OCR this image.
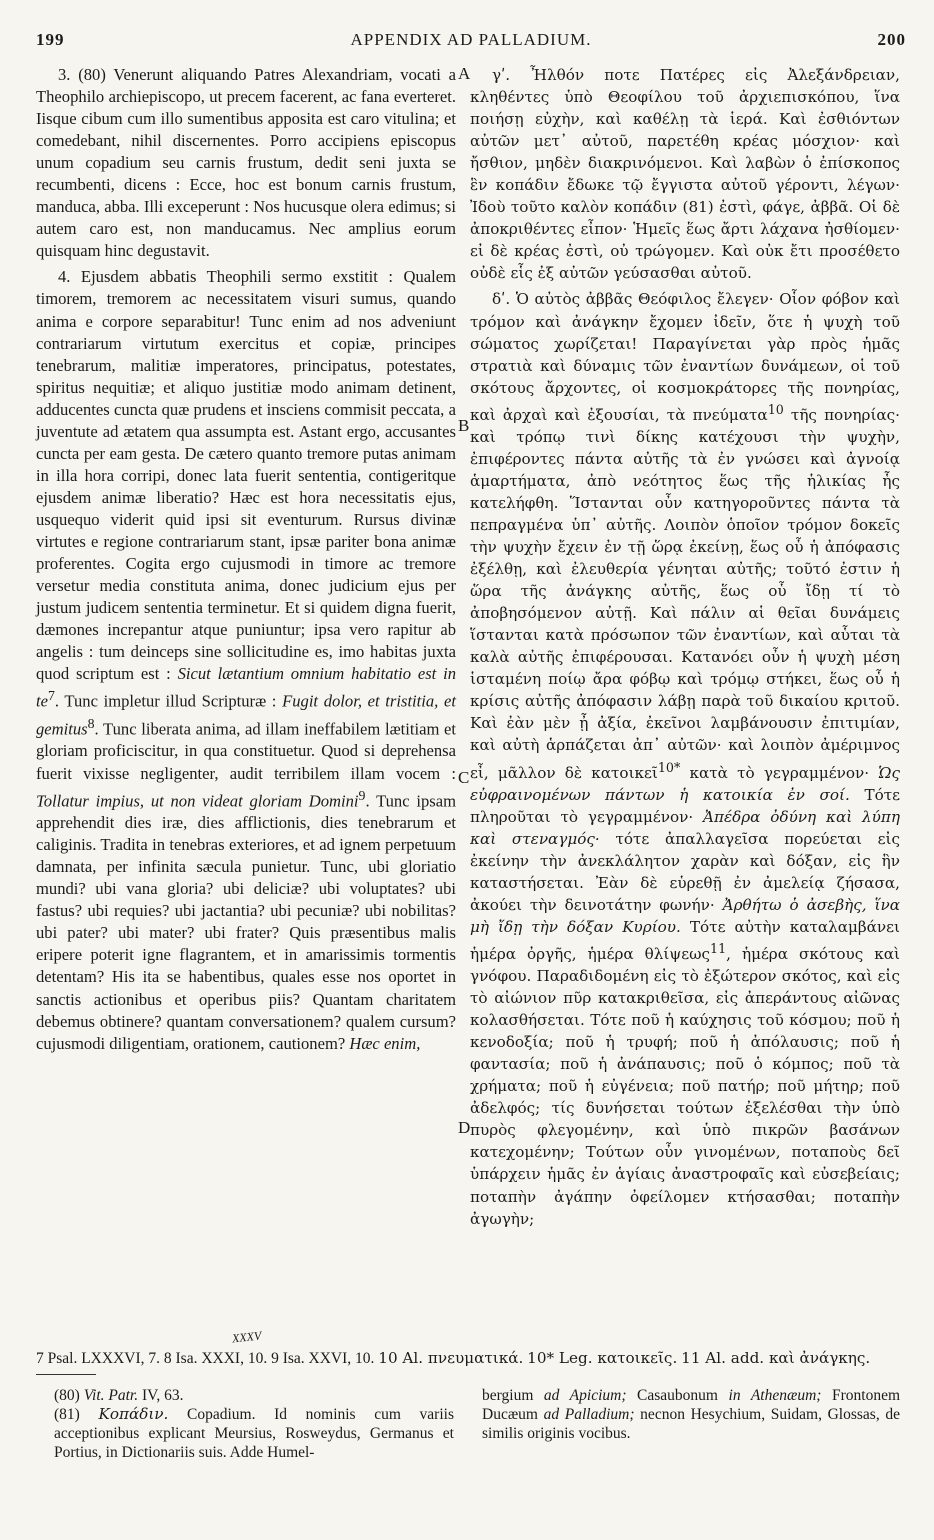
199	APPENDIX AD PALLADIUM.	200

3. (80) Venerunt aliquando Patres Alexandriam, vocati a Theophilo archiepiscopo, ut precem facerent, ac fana everteret. Iisque cibum cum illo sumentibus apposita est caro vitulina; et comedebant, nihil discernentes. Porro accipiens episcopus unum copadium seu carnis frustum, dedit seni juxta se recumbenti, dicens : Ecce, hoc est bonum carnis frustum, manduca, abba. Illi exceperunt : Nos hucusque olera edimus; si autem caro est, non manducamus. Nec amplius eorum quisquam hinc degustavit.

4. Ejusdem abbatis Theophili sermo exstitit : Qualem timorem, tremorem ac necessitatem visuri sumus, quando anima e corpore separabitur! Tunc enim ad nos adveniunt contrariarum virtutum exercitus et copiæ, principes tenebrarum, malitiæ imperatores, principatus, potestates, spiritus nequitiæ; et aliquo justitiæ modo animam detinent, adducentes cuncta quæ prudens et insciens commisit peccata, a juventute ad ætatem qua assumpta est. Astant ergo, accusantes cuncta per eam gesta. De cætero quanto tremore putas animam in illa hora corripi, donec lata fuerit sententia, contigeritque ejusdem animæ liberatio? Hæc est hora necessitatis ejus, usquequo viderit quid ipsi sit eventurum. Rursus divinæ virtutes e regione contrariarum stant, ipsæ pariter bona animæ proferentes. Cogita ergo cujusmodi in timore ac tremore versetur media constituta anima, donec judicium ejus per justum judicem sententia terminetur. Et si quidem digna fuerit, dæmones increpantur atque puniuntur; ipsa vero rapitur ab angelis : tum deinceps sine sollicitudine es, imo habitas juxta quod scriptum est : Sicut lætantium omnium habitatio est in $te^7$. Tunc impletur illud Scripturæ : Fugit dolor, et tristitia, et gemitus$^8$. Tunc liberata anima, ad illam ineffabilem lætitiam et gloriam proficiscitur, in qua constituetur. Quod si deprehensa fuerit vixisse negligenter, audit terribilem illam vocem : Tollatur impius, ut non videat gloriam Domini$^9$. Tunc ipsam apprehendit dies iræ, dies afflictionis, dies tenebrarum et caliginis. Tradita in tenebras exteriores, et ad ignem perpetuum damnata, per infinita sæcula punietur. Tunc, ubi gloriatio mundi? ubi vana gloria? ubi deliciæ? ubi voluptates? ubi fastus? ubi requies? ubi jactantia? ubi pecuniæ? ubi nobilitas? ubi pater? ubi mater? ubi frater? Quis præsentibus malis eripere poterit igne flagrantem, et in amarissimis tormentis detentam? His ita se habentibus, quales esse nos oportet in sanctis actionibus et operibus piis? Quantam charitatem debemus obtinere? quantam conversationem? qualem cursum? cujusmodi diligentiam, orationem, cautionem? Hæc enim,

A
B
C
D

γʹ. Ἦλθόν ποτε Πατέρες εἰς Ἀλεξάνδρειαν, κληθέντες ὑπὸ Θεοφίλου τοῦ ἀρχιεπισκόπου, ἵνα ποιήσῃ εὐχὴν, καὶ καθέλῃ τὰ ἱερά. Καὶ ἐσθιόντων αὐτῶν μετ᾽ αὐτοῦ, παρετέθη κρέας μόσχιον· καὶ ἤσθιον, μηδὲν διακρινόμενοι. Καὶ λαβὼν ὁ ἐπίσκοπος ἓν κοπάδιν ἔδωκε τῷ ἔγγιστα αὐτοῦ γέροντι, λέγων· Ἰδοὺ τοῦτο καλὸν κοπάδιν (81) ἐστὶ, φάγε, ἀββᾶ. Οἱ δὲ ἀποκριθέντες εἶπον· Ἡμεῖς ἕως ἄρτι λάχανα ἠσθίομεν· εἰ δὲ κρέας ἐστὶ, οὐ τρώγομεν. Καὶ οὐκ ἔτι προσέθετο οὐδὲ εἷς ἐξ αὐτῶν γεύσασθαι αὐτοῦ.

δʹ. Ὁ αὐτὸς ἀββᾶς Θεόφιλος ἔλεγεν· Οἷον φόβον καὶ τρόμον καὶ ἀνάγκην ἔχομεν ἰδεῖν, ὅτε ἡ ψυχὴ τοῦ σώματος χωρίζεται! Παραγίνεται γὰρ πρὸς ἡμᾶς στρατιὰ καὶ δύναμις τῶν ἐναντίων δυνάμεων, οἱ τοῦ σκότους ἄρχοντες, οἱ κοσμοκράτορες τῆς πονηρίας, καὶ ἀρχαὶ καὶ ἐξουσίαι, τὰ πνεύματα$^{10}$ τῆς πονηρίας· καὶ τρόπῳ τινὶ δίκης κατέχουσι τὴν ψυχὴν, ἐπιφέροντες πάντα αὐτῆς τὰ ἐν γνώσει καὶ ἀγνοίᾳ ἁμαρτήματα, ἀπὸ νεότητος ἕως τῆς ἡλικίας ἧς κατελήφθη. Ἵστανται οὖν κατηγοροῦντες πάντα τὰ πεπραγμένα ὑπ᾽ αὐτῆς. Λοιπὸν ὁποῖον τρόμον δοκεῖς τὴν ψυχὴν ἔχειν ἐν τῇ ὥρᾳ ἐκείνῃ, ἕως οὗ ἡ ἀπόφασις ἐξέλθῃ, καὶ ἐλευθερία γένηται αὐτῆς; τοῦτό ἐστιν ἡ ὥρα τῆς ἀνάγκης αὐτῆς, ἕως οὗ ἴδῃ τί τὸ ἀποβησόμενον αὐτῇ. Καὶ πάλιν αἱ θεῖαι δυνάμεις ἵστανται κατὰ πρόσωπον τῶν ἐναντίων, καὶ αὗται τὰ καλὰ αὐτῆς ἐπιφέρουσαι. Κατανόει οὖν ἡ ψυχὴ μέση ἱσταμένη ποίῳ ἄρα φόβῳ καὶ τρόμῳ στήκει, ἕως οὗ ἡ κρίσις αὐτῆς ἀπόφασιν λάβῃ παρὰ τοῦ δικαίου κριτοῦ. Καὶ ἐὰν μὲν ᾖ ἀξία, ἐκεῖνοι λαμβάνουσιν ἐπιτιμίαν, καὶ αὐτὴ ἁρπάζεται ἀπ᾽ αὐτῶν· καὶ λοιπὸν ἀμέριμνος εἶ, μᾶλλον δὲ κατοικεῖ$^{10*}$ κατὰ τὸ γεγραμμένον· Ὡς εὐφραινομένων πάντων ἡ κατοικία ἐν σοί. Τότε πληροῦται τὸ γεγραμμένον· Ἀπέδρα ὀδύνη καὶ λύπη καὶ στεναγμός· τότε ἀπαλλαγεῖσα πορεύεται εἰς ἐκείνην τὴν ἀνεκλάλητον χαρὰν καὶ δόξαν, εἰς ἣν καταστήσεται. Ἐὰν δὲ εὑρεθῇ ἐν ἀμελείᾳ ζήσασα, ἀκούει τὴν δεινοτάτην φωνήν· Ἀρθήτω ὁ ἀσεβὴς, ἵνα μὴ ἴδῃ τὴν δόξαν Κυρίου. Τότε αὐτὴν καταλαμβάνει ἡμέρα ὀργῆς, ἡμέρα θλίψεως$^{11}$, ἡμέρα σκότους καὶ γνόφου. Παραδιδομένη εἰς τὸ ἐξώτερον σκότος, καὶ εἰς τὸ αἰώνιον πῦρ κατακριθεῖσα, εἰς ἀπεράντους αἰῶνας κολασθήσεται. Τότε ποῦ ἡ καύχησις τοῦ κόσμου; ποῦ ἡ κενοδοξία; ποῦ ἡ τρυφή; ποῦ ἡ ἀπόλαυσις; ποῦ ἡ φαντασία; ποῦ ἡ ἀνάπαυσις; ποῦ ὁ κόμπος; ποῦ τὰ χρήματα; ποῦ ἡ εὐγένεια; ποῦ πατήρ; ποῦ μήτηρ; ποῦ ἀδελφός; τίς δυνήσεται τούτων ἐξελέσθαι τὴν ὑπὸ πυρὸς φλεγομένην, καὶ ὑπὸ πικρῶν βασάνων κατεχομένην; Τούτων οὖν γινομένων, ποταποὺς δεῖ ὑπάρχειν ἡμᾶς ἐν ἁγίαις ἀναστροφαῖς καὶ εὐσεβείαις; ποταπὴν ἀγάπην ὀφείλομεν κτήσασθαι; ποταπὴν ἀγωγὴν;

XXXV
7 Psal. LXXXVI, 7. 8 Isa. XXXI, 10. 9 Isa. XXVI, 10. 10 Al. πνευματικά. 10* Leg. κατοικεῖς. 11 Al. add. καὶ ἀνάγκης.

(80) Vit. Patr. IV, 63.

(81) Κοπάδιν. Copadium. Id nominis cum variis acceptionibus explicant Meursius, Rosweydus, Germanus et Portius, in Dictionariis suis. Adde Humel-

bergium ad Apicium; Casaubonum in Athenæum; Frontonem Ducæum ad Palladium; necnon Hesychium, Suidam, Glossas, de similis originis vocibus.
